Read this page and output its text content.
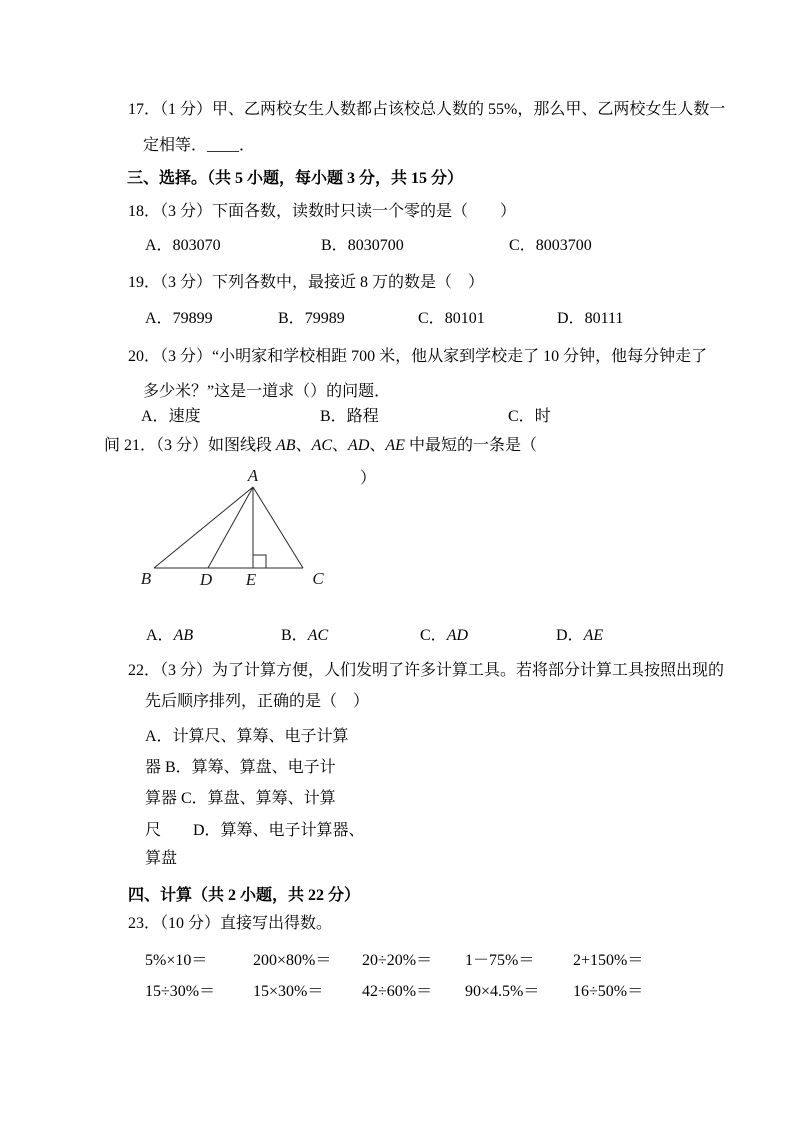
17．（1 分）甲、乙两校女生人数都占该校总人数的 55%，那么甲、乙两校女生人数一
定相等．____．
三、选择。（共 5 小题，每小题 3 分，共 15 分）
18．（3 分）下面各数，读数时只读一个零的是（　　）
A．803070	B．8030700	C．8003700
19．（3 分）下列各数中，最接近 8 万的数是（　）
A．79899	B．79989	C．80101	D．80111
20．（3 分）“小明家和学校相距 700 米，他从家到学校走了 10 分钟，他每分钟走了
多少米？”这是一道求（）的问题．
A．速度	B．路程	C．时
间 21．（3 分）如图线段 AB、AC、AD、AE 中最短的一条是（
）
A
B	D E	C
A．AB	B．AC	C．AD	D．AE
22．（3 分）为了计算方便，人们发明了许多计算工具。若将部分计算工具按照出现的
先后顺序排列，正确的是（　）
A．计算尺、算筹、电子计算
器 B．算筹、算盘、电子计
算器 C．算盘、算筹、计算
尺　　D．算筹、电子计算器、
算盘
四、计算（共 2 小题，共 22 分）
23．（10 分）直接写出得数。
5%×10＝	200×80%＝ 20÷20%＝ 1－75%＝ 2+150%＝
15÷30%＝ 15×30%＝ 42÷60%＝ 90×4.5%＝ 16÷50%＝
